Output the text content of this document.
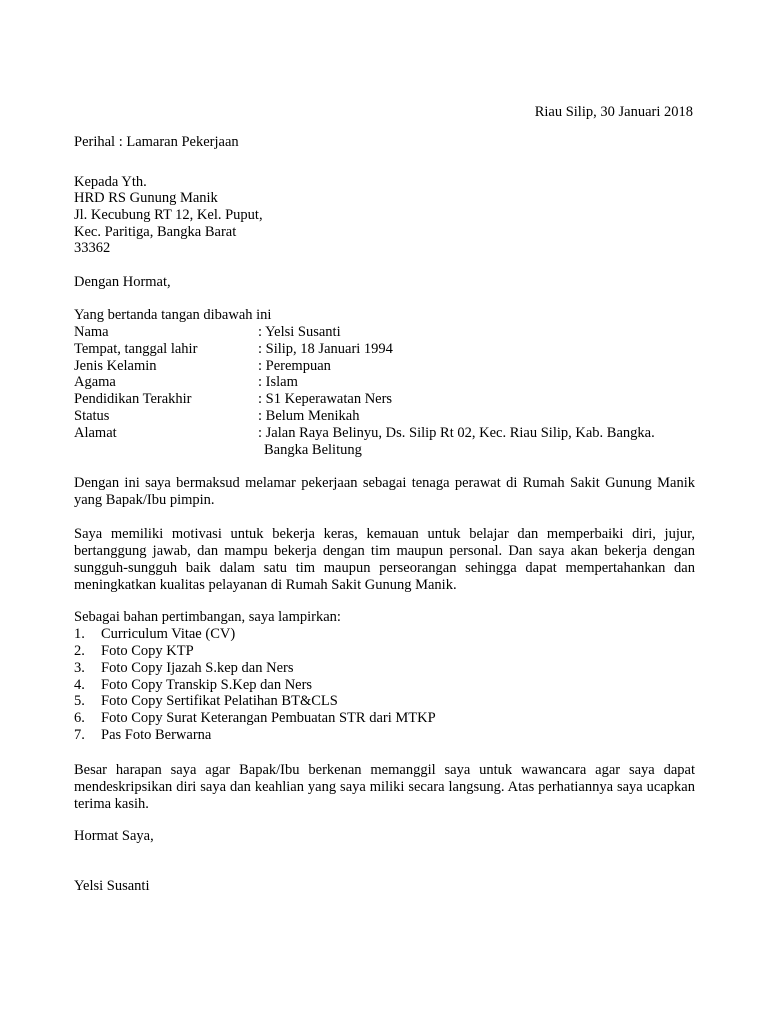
Riau Silip, 30 Januari 2018
Perihal : Lamaran Pekerjaan
Kepada Yth.
HRD RS Gunung Manik
Jl. Kecubung RT 12, Kel. Puput,
Kec. Paritiga, Bangka Barat
33362
Dengan Hormat,
Yang bertanda tangan dibawah ini
Nama	: Yelsi Susanti
Tempat, tanggal lahir	: Silip, 18 Januari 1994
Jenis Kelamin	: Perempuan
Agama	: Islam
Pendidikan Terakhir	: S1 Keperawatan Ners
Status	: Belum Menikah
Alamat	: Jalan Raya Belinyu, Ds. Silip Rt 02, Kec. Riau Silip, Kab. Bangka.
Bangka Belitung
Dengan ini saya bermaksud melamar pekerjaan sebagai tenaga perawat di Rumah Sakit Gunung Manik yang Bapak/Ibu pimpin.
Saya memiliki motivasi untuk bekerja keras, kemauan untuk belajar dan memperbaiki diri, jujur, bertanggung jawab, dan mampu bekerja dengan tim maupun personal. Dan saya akan bekerja dengan sungguh-sungguh baik dalam satu tim maupun perseorangan sehingga dapat mempertahankan dan meningkatkan kualitas pelayanan di Rumah Sakit Gunung Manik.
Sebagai bahan pertimbangan, saya lampirkan:
1. Curriculum Vitae (CV)
2. Foto Copy KTP
3. Foto Copy Ijazah S.kep dan Ners
4. Foto Copy Transkip S.Kep dan Ners
5. Foto Copy Sertifikat Pelatihan BT&CLS
6. Foto Copy Surat Keterangan Pembuatan STR dari MTKP
7. Pas Foto Berwarna
Besar harapan saya agar Bapak/Ibu berkenan memanggil saya untuk wawancara agar saya dapat mendeskripsikan diri saya dan keahlian yang saya miliki secara langsung. Atas perhatiannya saya ucapkan terima kasih.
Hormat Saya,
Yelsi Susanti
